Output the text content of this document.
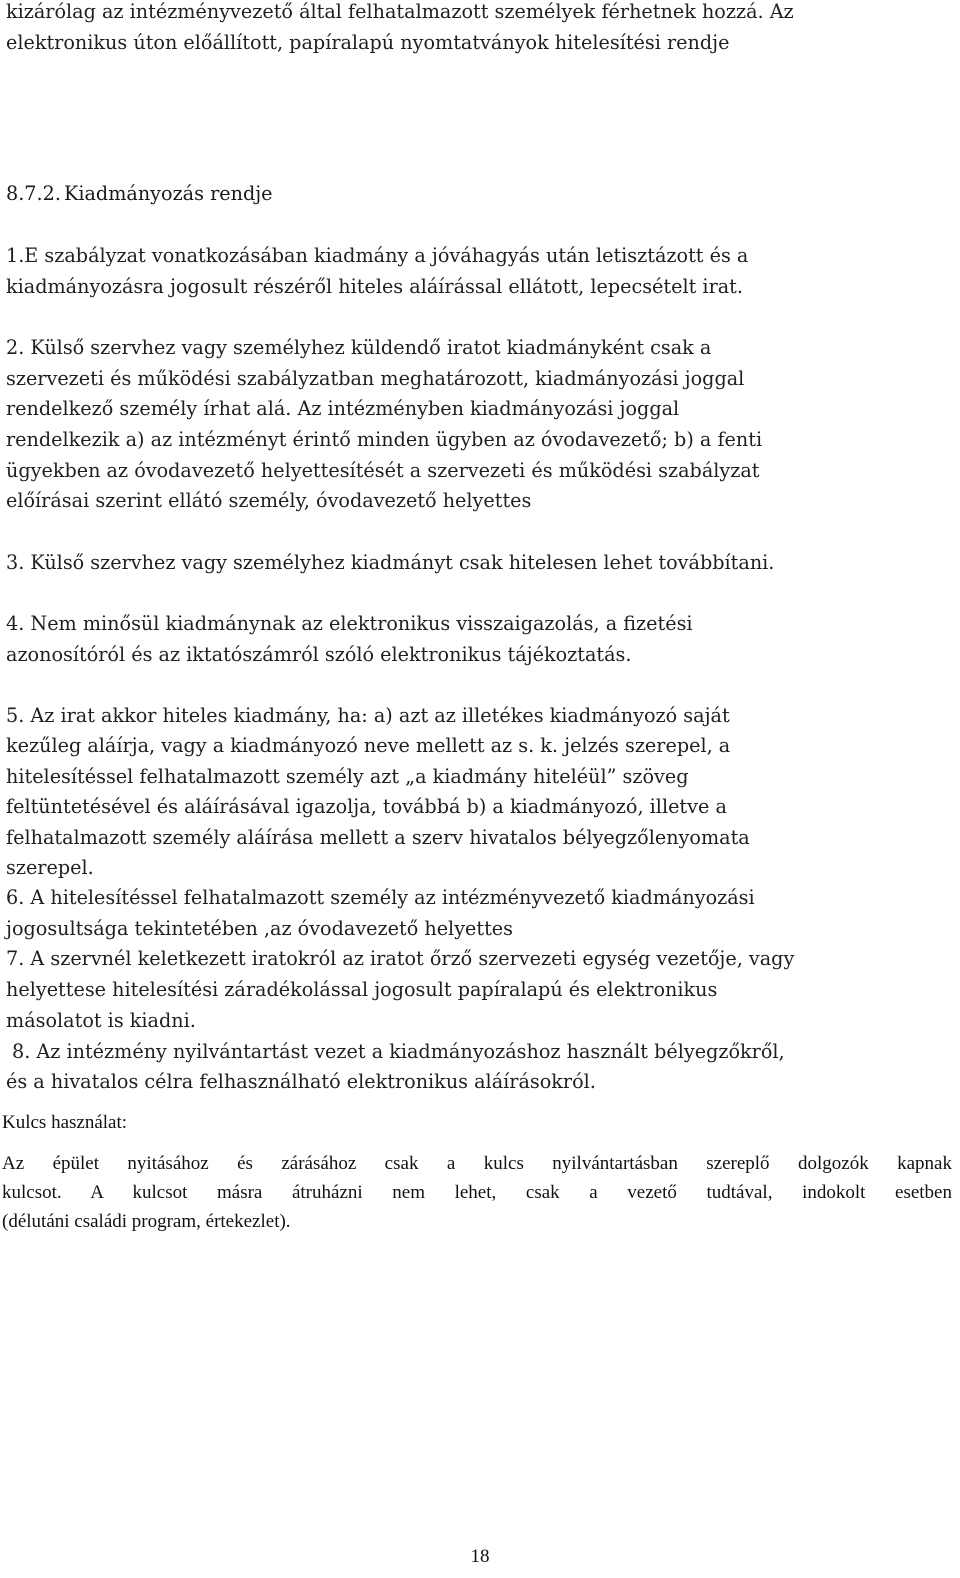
kizárólag az intézményvezető által felhatalmazott személyek férhetnek hozzá. Az
elektronikus úton előállított, papíralapú nyomtatványok hitelesítési rendje
8.7.2. Kiadmányozás rendje
1.E szabályzat vonatkozásában kiadmány a jóváhagyás után letisztázott és a
kiadmányozásra jogosult részéről hiteles aláírással ellátott, lepecsételt irat.
2. Külső szervhez vagy személyhez küldendő iratot kiadmányként csak a
szervezeti és működési szabályzatban meghatározott, kiadmányozási joggal
rendelkező személy írhat alá. Az intézményben kiadmányozási joggal
rendelkezik a) az intézményt érintő minden ügyben az óvodavezető; b) a fenti
ügyekben az óvodavezető helyettesítését a szervezeti és működési szabályzat
előírásai szerint ellátó személy, óvodavezető helyettes
3. Külső szervhez vagy személyhez kiadmányt csak hitelesen lehet továbbítani.
4. Nem minősül kiadmánynak az elektronikus visszaigazolás, a fizetési
azonosítóról és az iktatószámról szóló elektronikus tájékoztatás.
5. Az irat akkor hiteles kiadmány, ha: a) azt az illetékes kiadmányozó saját
kezűleg aláírja, vagy a kiadmányozó neve mellett az s. k. jelzés szerepel, a
hitelesítéssel felhatalmazott személy azt „a kiadmány hiteléül” szöveg
feltüntetésével és aláírásával igazolja, továbbá b) a kiadmányozó, illetve a
felhatalmazott személy aláírása mellett a szerv hivatalos bélyegzőlenyomata
szerepel.
6. A hitelesítéssel felhatalmazott személy az intézményvezető kiadmányozási
jogosultsága tekintetében ,az óvodavezető helyettes
7. A szervnél keletkezett iratokról az iratot őrző szervezeti egység vezetője, vagy
helyettese hitelesítési záradékolással jogosult papíralapú és elektronikus
másolatot is kiadni.
8. Az intézmény nyilvántartást vezet a kiadmányozáshoz használt bélyegzőkről,
és a hivatalos célra felhasználható elektronikus aláírásokról.
Kulcs használat:
Az épület nyitásához és zárásához csak a kulcs nyilvántartásban szereplő dolgozók kapnak
kulcsot. A kulcsot másra átruházni nem lehet, csak a vezető tudtával, indokolt esetben
(délutáni családi program, értekezlet).
18
